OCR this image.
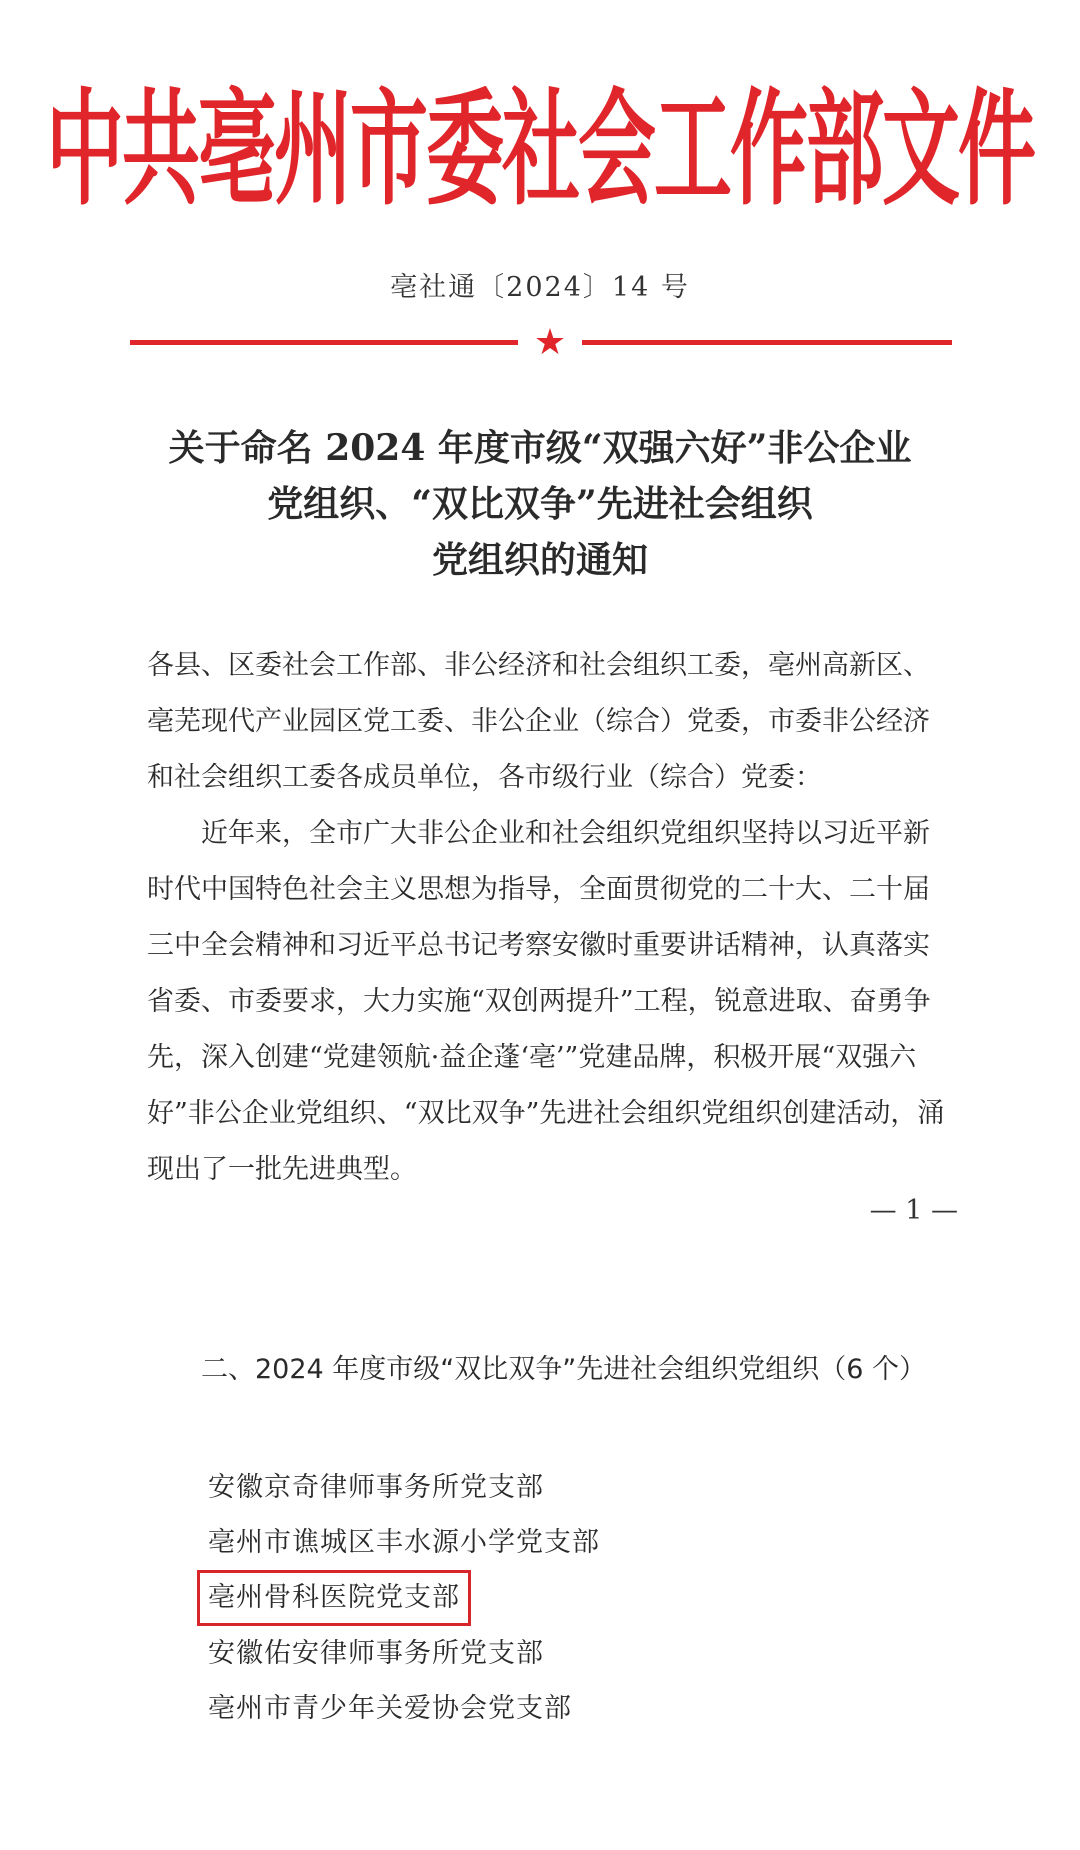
中共亳州市委社会工作部文件
亳社通〔2024〕14 号
★
关于命名 2024 年度市级“双强六好”非公企业
党组织、“双比双争”先进社会组织
党组织的通知

各县、区委社会工作部、非公经济和社会组织工委，亳州高新区、亳芜现代产业园区党工委、非公企业（综合）党委，市委非公经济和社会组织工委各成员单位，各市级行业（综合）党委：

近年来，全市广大非公企业和社会组织党组织坚持以习近平新时代中国特色社会主义思想为指导，全面贯彻党的二十大、二十届三中全会精神和习近平总书记考察安徽时重要讲话精神，认真落实省委、市委要求，大力实施“双创两提升”工程，锐意进取、奋勇争先，深入创建“党建领航·益企蓬‘亳’”党建品牌，积极开展“双强六好”非公企业党组织、“双比双争”先进社会组织党组织创建活动，涌现出了一批先进典型。

— 1 —
二、2024 年度市级“双比双争”先进社会组织党组织（6 个）
安徽京奇律师事务所党支部
亳州市谯城区丰水源小学党支部
亳州骨科医院党支部
安徽佑安律师事务所党支部
亳州市青少年关爱协会党支部
